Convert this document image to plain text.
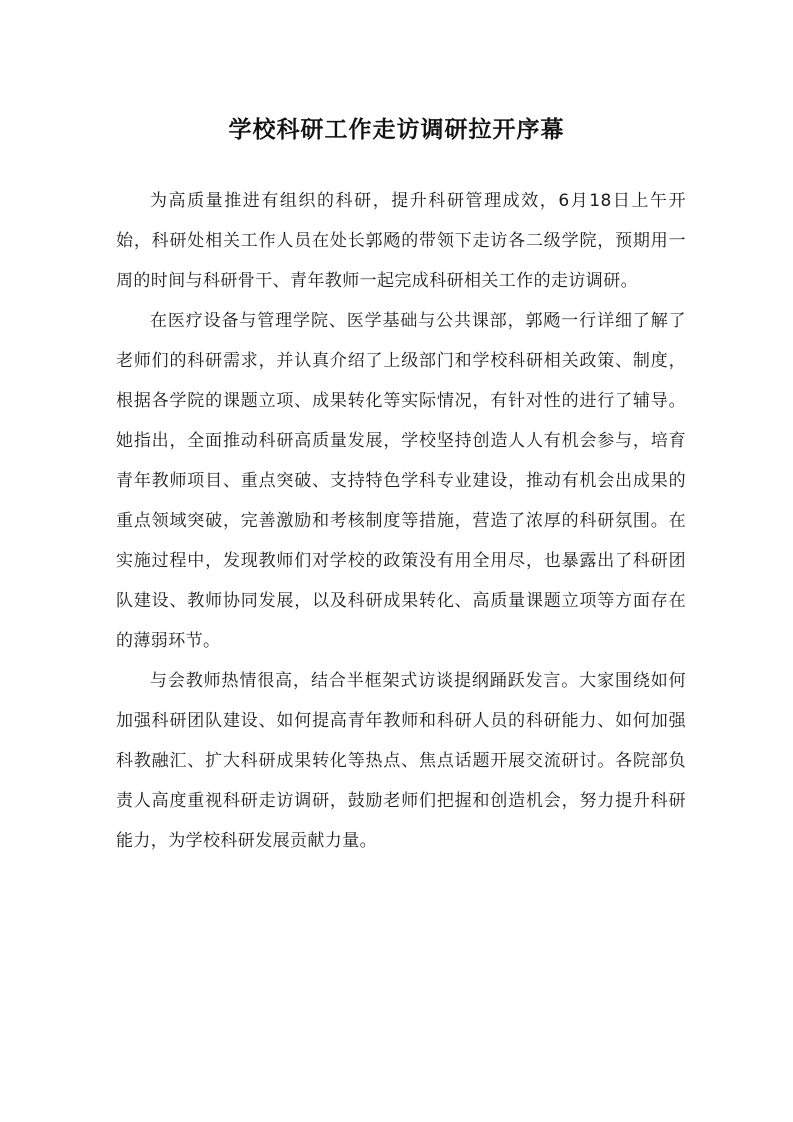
学校科研工作走访调研拉开序幕

为高质量推进有组织的科研，提升科研管理成效，6月18日上午开始，科研处相关工作人员在处长郭飏的带领下走访各二级学院，预期用一周的时间与科研骨干、青年教师一起完成科研相关工作的走访调研。

在医疗设备与管理学院、医学基础与公共课部，郭飏一行详细了解了老师们的科研需求，并认真介绍了上级部门和学校科研相关政策、制度，根据各学院的课题立项、成果转化等实际情况，有针对性的进行了辅导。她指出，全面推动科研高质量发展，学校坚持创造人人有机会参与，培育青年教师项目、重点突破、支持特色学科专业建设，推动有机会出成果的重点领域突破，完善激励和考核制度等措施，营造了浓厚的科研氛围。在实施过程中，发现教师们对学校的政策没有用全用尽，也暴露出了科研团队建设、教师协同发展，以及科研成果转化、高质量课题立项等方面存在的薄弱环节。

与会教师热情很高，结合半框架式访谈提纲踊跃发言。大家围绕如何加强科研团队建设、如何提高青年教师和科研人员的科研能力、如何加强科教融汇、扩大科研成果转化等热点、焦点话题开展交流研讨。各院部负责人高度重视科研走访调研，鼓励老师们把握和创造机会，努力提升科研能力，为学校科研发展贡献力量。
